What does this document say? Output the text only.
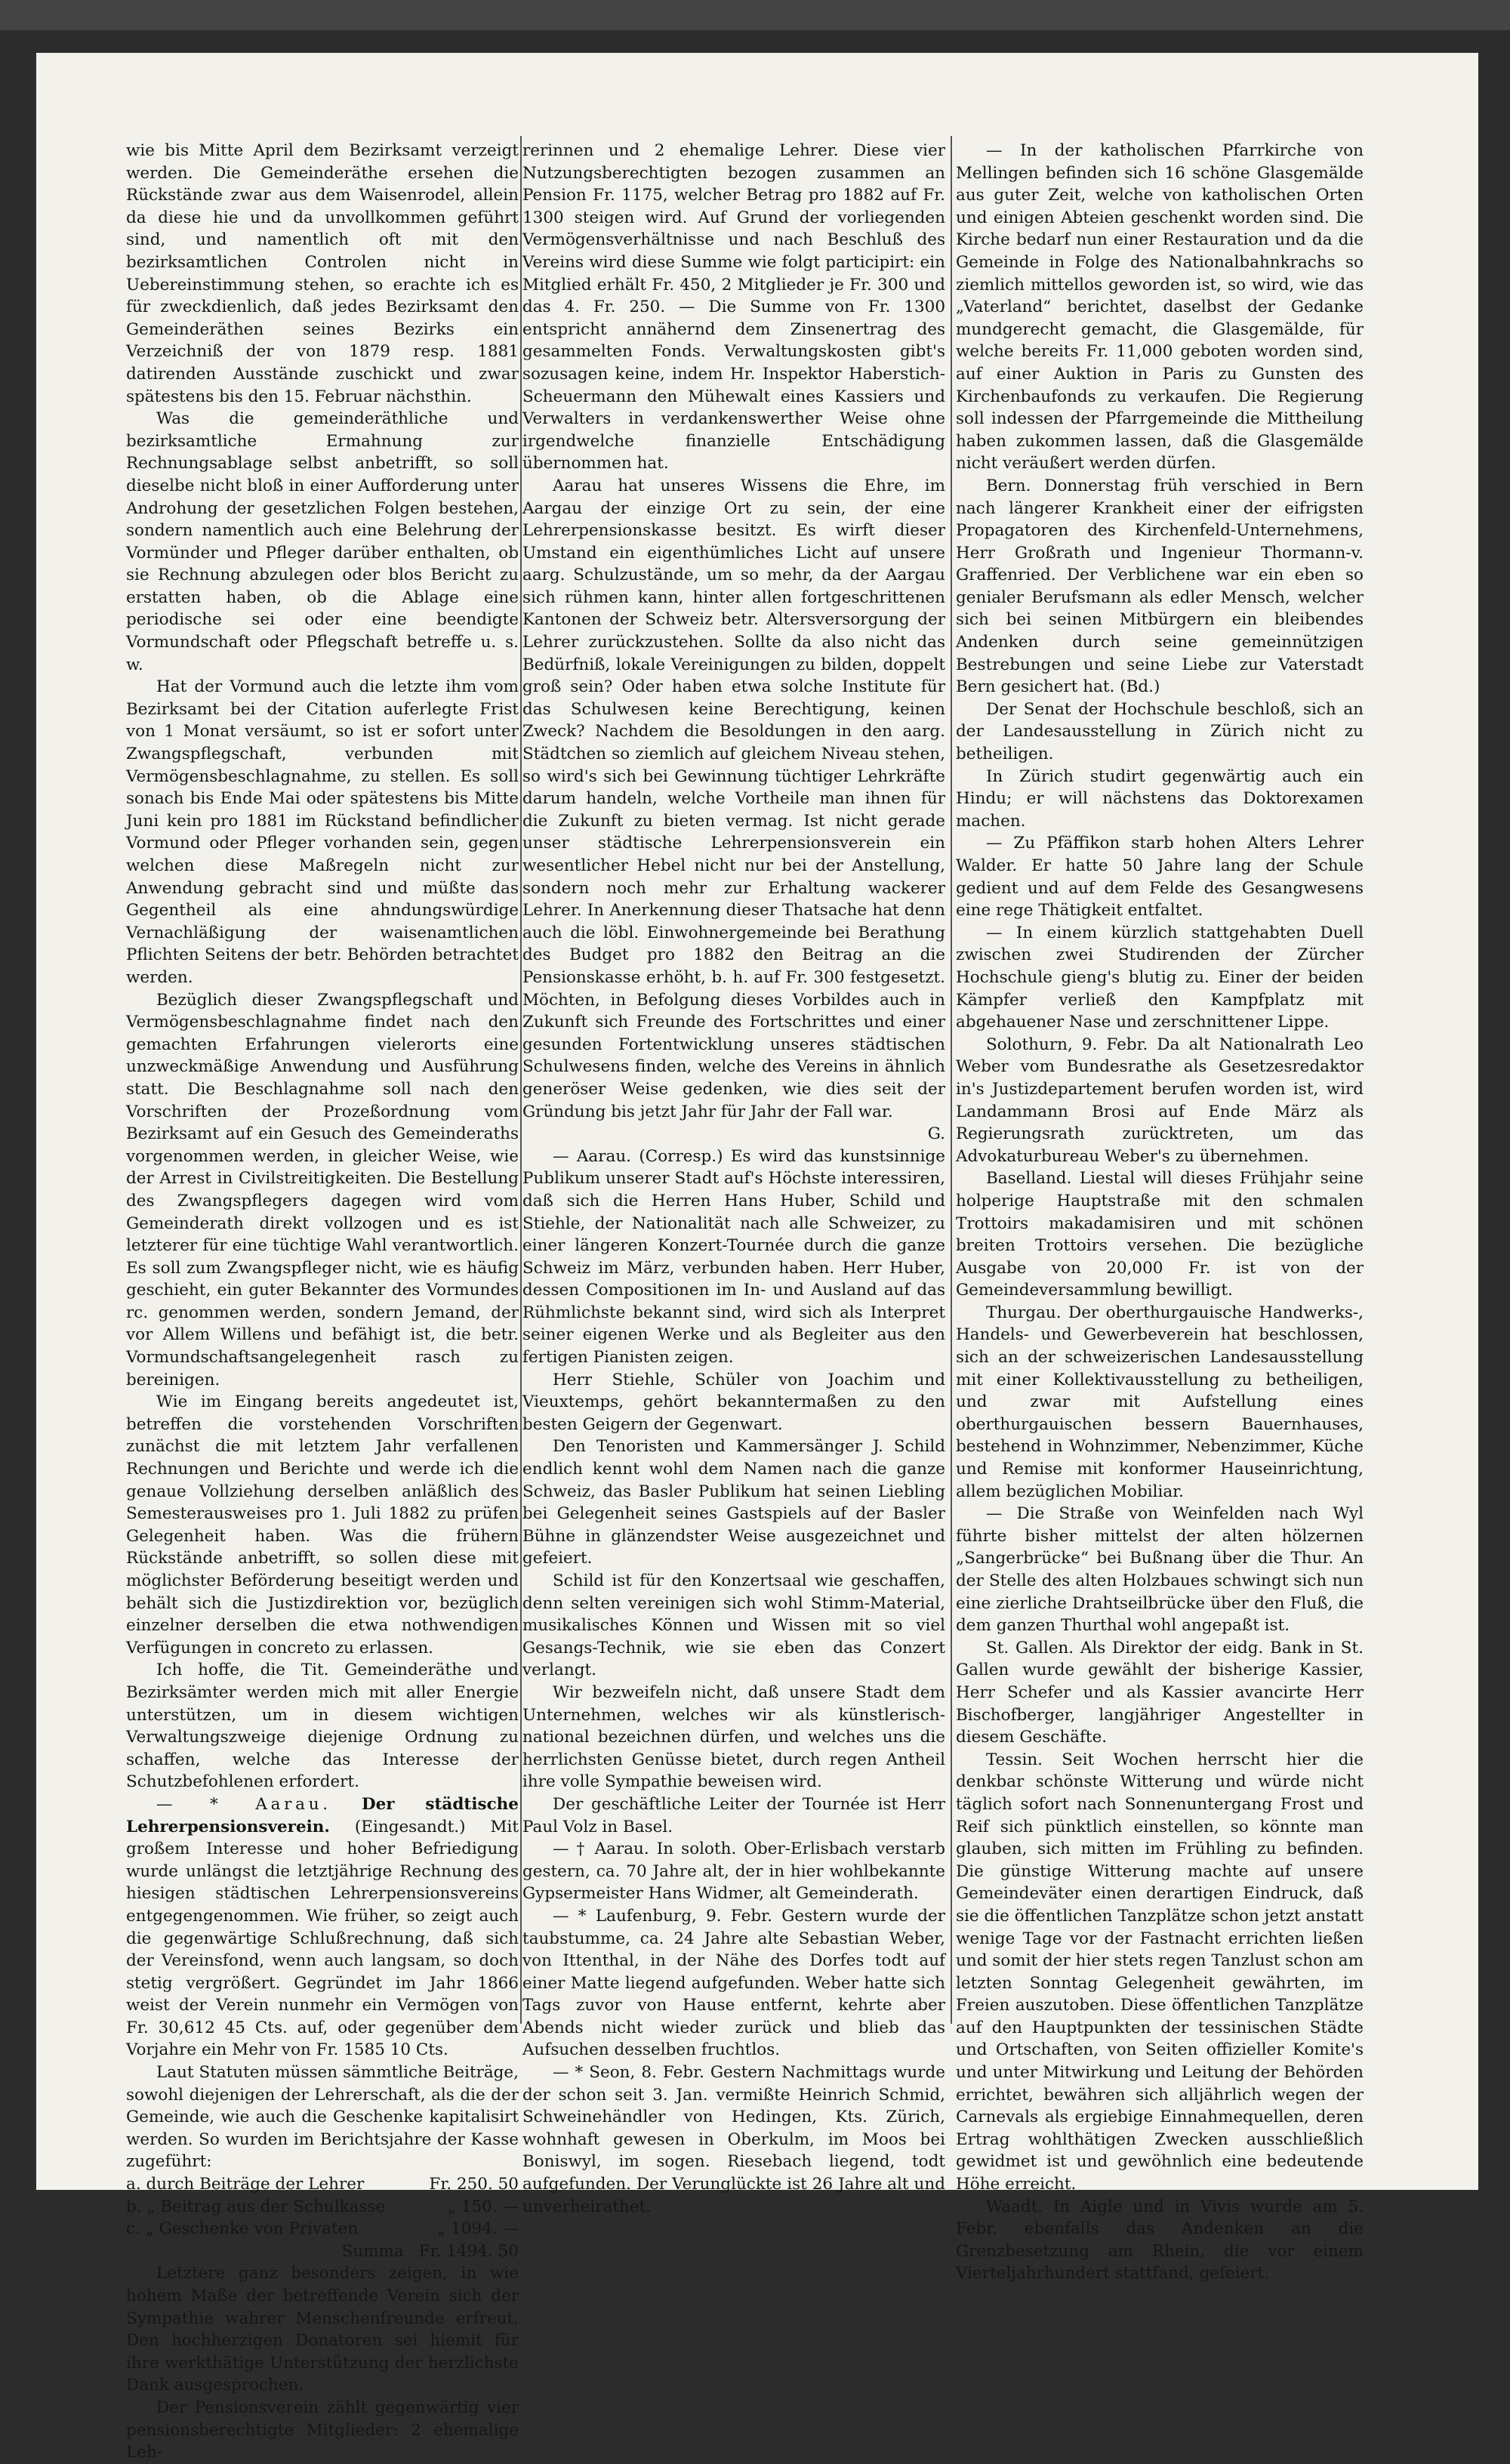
wie bis Mitte April dem Bezirksamt verzeigt werden. Die Gemeinderäthe ersehen die Rückstände zwar aus dem Waisenrodel, allein da diese hie und da unvollkommen geführt sind, und namentlich oft mit den bezirksamtlichen Controlen nicht in Uebereinstimmung stehen, so erachte ich es für zweckdienlich, daß jedes Bezirksamt den Gemeinderäthen seines Bezirks ein Verzeichniß der von 1879 resp. 1881 datirenden Ausstände zuschickt und zwar spätestens bis den 15. Februar nächsthin.

Was die gemeinderäthliche und bezirksamtliche Ermahnung zur Rechnungsablage selbst anbetrifft, so soll dieselbe nicht bloß in einer Aufforderung unter Androhung der gesetzlichen Folgen bestehen, sondern namentlich auch eine Belehrung der Vormünder und Pfleger darüber enthalten, ob sie Rechnung abzulegen oder blos Bericht zu erstatten haben, ob die Ablage eine periodische sei oder eine beendigte Vormundschaft oder Pflegschaft betreffe u. s. w.

Hat der Vormund auch die letzte ihm vom Bezirksamt bei der Citation auferlegte Frist von 1 Monat versäumt, so ist er sofort unter Zwangspflegschaft, verbunden mit Vermögensbeschlagnahme, zu stellen. Es soll sonach bis Ende Mai oder spätestens bis Mitte Juni kein pro 1881 im Rückstand befindlicher Vormund oder Pfleger vorhanden sein, gegen welchen diese Maßregeln nicht zur Anwendung gebracht sind und müßte das Gegentheil als eine ahndungswürdige Vernachläßigung der waisenamtlichen Pflichten Seitens der betr. Behörden betrachtet werden.

Bezüglich dieser Zwangspflegschaft und Vermögensbeschlagnahme findet nach den gemachten Erfahrungen vielerorts eine unzweckmäßige Anwendung und Ausführung statt. Die Beschlagnahme soll nach den Vorschriften der Prozeßordnung vom Bezirksamt auf ein Gesuch des Gemeinderaths vorgenommen werden, in gleicher Weise, wie der Arrest in Civilstreitigkeiten. Die Bestellung des Zwangspflegers dagegen wird vom Gemeinderath direkt vollzogen und es ist letzterer für eine tüchtige Wahl verantwortlich. Es soll zum Zwangspfleger nicht, wie es häufig geschieht, ein guter Bekannter des Vormundes rc. genommen werden, sondern Jemand, der vor Allem Willens und befähigt ist, die betr. Vormundschaftsangelegenheit rasch zu bereinigen.

Wie im Eingang bereits angedeutet ist, betreffen die vorstehenden Vorschriften zunächst die mit letztem Jahr verfallenen Rechnungen und Berichte und werde ich die genaue Vollziehung derselben anläßlich des Semesterausweises pro 1. Juli 1882 zu prüfen Gelegenheit haben. Was die frühern Rückstände anbetrifft, so sollen diese mit möglichster Beförderung beseitigt werden und behält sich die Justizdirektion vor, bezüglich einzelner derselben die etwa nothwendigen Verfügungen in concreto zu erlassen.

Ich hoffe, die Tit. Gemeinderäthe und Bezirksämter werden mich mit aller Energie unterstützen, um in diesem wichtigen Verwaltungszweige diejenige Ordnung zu schaffen, welche das Interesse der Schutzbefohlenen erfordert.

— * Aarau. Der städtische Lehrerpensionsverein. (Eingesandt.) Mit großem Interesse und hoher Befriedigung wurde unlängst die letztjährige Rechnung des hiesigen städtischen Lehrerpensionsvereins entgegengenommen. Wie früher, so zeigt auch die gegenwärtige Schlußrechnung, daß sich der Vereinsfond, wenn auch langsam, so doch stetig vergrößert. Gegründet im Jahr 1866 weist der Verein nunmehr ein Vermögen von Fr. 30,612 45 Cts. auf, oder gegenüber dem Vorjahre ein Mehr von Fr. 1585 10 Cts.

Laut Statuten müssen sämmtliche Beiträge, sowohl diejenigen der Lehrerschaft, als die der Gemeinde, wie auch die Geschenke kapitalisirt werden. So wurden im Berichtsjahre der Kasse zugeführt:

a. durch Beiträge der Lehrer	Fr. 250. 50
b. „ Beitrag aus der Schulkasse	„ 150. —
c. „ Geschenke von Privaten	„ 1094. —
Summa Fr. 1494. 50

Letztere ganz besonders zeigen, in wie hohem Maße der betreffende Verein sich der Sympathie wahrer Menschenfreunde erfreut. Den hochherzigen Donatoren sei hiemit für ihre werkthätige Unterstützung der herzlichste Dank ausgesprochen.

Der Pensionsverein zählt gegenwärtig vier pensionsberechtigte Mitglieder: 2 ehemalige Leh-

rerinnen und 2 ehemalige Lehrer. Diese vier Nutzungsberechtigten bezogen zusammen an Pension Fr. 1175, welcher Betrag pro 1882 auf Fr. 1300 steigen wird. Auf Grund der vorliegenden Vermögensverhältnisse und nach Beschluß des Vereins wird diese Summe wie folgt participirt: ein Mitglied erhält Fr. 450, 2 Mitglieder je Fr. 300 und das 4. Fr. 250. — Die Summe von Fr. 1300 entspricht annähernd dem Zinsenertrag des gesammelten Fonds. Verwaltungskosten gibt's sozusagen keine, indem Hr. Inspektor Haberstich-Scheuermann den Mühewalt eines Kassiers und Verwalters in verdankenswerther Weise ohne irgendwelche finanzielle Entschädigung übernommen hat.

Aarau hat unseres Wissens die Ehre, im Aargau der einzige Ort zu sein, der eine Lehrerpensionskasse besitzt. Es wirft dieser Umstand ein eigenthümliches Licht auf unsere aarg. Schulzustände, um so mehr, da der Aargau sich rühmen kann, hinter allen fortgeschrittenen Kantonen der Schweiz betr. Altersversorgung der Lehrer zurückzustehen. Sollte da also nicht das Bedürfniß, lokale Vereinigungen zu bilden, doppelt groß sein? Oder haben etwa solche Institute für das Schulwesen keine Berechtigung, keinen Zweck? Nachdem die Besoldungen in den aarg. Städtchen so ziemlich auf gleichem Niveau stehen, so wird's sich bei Gewinnung tüchtiger Lehrkräfte darum handeln, welche Vortheile man ihnen für die Zukunft zu bieten vermag. Ist nicht gerade unser städtische Lehrerpensionsverein ein wesentlicher Hebel nicht nur bei der Anstellung, sondern noch mehr zur Erhaltung wackerer Lehrer. In Anerkennung dieser Thatsache hat denn auch die löbl. Einwohnergemeinde bei Berathung des Budget pro 1882 den Beitrag an die Pensionskasse erhöht, b. h. auf Fr. 300 festgesetzt. Möchten, in Befolgung dieses Vorbildes auch in Zukunft sich Freunde des Fortschrittes und einer gesunden Fortentwicklung unseres städtischen Schulwesens finden, welche des Vereins in ähnlich generöser Weise gedenken, wie dies seit der Gründung bis jetzt Jahr für Jahr der Fall war.

G.

— Aarau. (Corresp.) Es wird das kunstsinnige Publikum unserer Stadt auf's Höchste interessiren, daß sich die Herren Hans Huber, Schild und Stiehle, der Nationalität nach alle Schweizer, zu einer längeren Konzert-Tournée durch die ganze Schweiz im März, verbunden haben. Herr Huber, dessen Compositionen im In- und Ausland auf das Rühmlichste bekannt sind, wird sich als Interpret seiner eigenen Werke und als Begleiter aus den fertigen Pianisten zeigen.

Herr Stiehle, Schüler von Joachim und Vieuxtemps, gehört bekanntermaßen zu den besten Geigern der Gegenwart.

Den Tenoristen und Kammersänger J. Schild endlich kennt wohl dem Namen nach die ganze Schweiz, das Basler Publikum hat seinen Liebling bei Gelegenheit seines Gastspiels auf der Basler Bühne in glänzendster Weise ausgezeichnet und gefeiert.

Schild ist für den Konzertsaal wie geschaffen, denn selten vereinigen sich wohl Stimm-Material, musikalisches Können und Wissen mit so viel Gesangs-Technik, wie sie eben das Conzert verlangt.

Wir bezweifeln nicht, daß unsere Stadt dem Unternehmen, welches wir als künstlerisch-national bezeichnen dürfen, und welches uns die herrlichsten Genüsse bietet, durch regen Antheil ihre volle Sympathie beweisen wird.

Der geschäftliche Leiter der Tournée ist Herr Paul Volz in Basel.

— † Aarau. In soloth. Ober-Erlisbach verstarb gestern, ca. 70 Jahre alt, der in hier wohlbekannte Gypsermeister Hans Widmer, alt Gemeinderath.

— * Laufenburg, 9. Febr. Gestern wurde der taubstumme, ca. 24 Jahre alte Sebastian Weber, von Ittenthal, in der Nähe des Dorfes todt auf einer Matte liegend aufgefunden. Weber hatte sich Tags zuvor von Hause entfernt, kehrte aber Abends nicht wieder zurück und blieb das Aufsuchen desselben fruchtlos.

— * Seon, 8. Febr. Gestern Nachmittags wurde der schon seit 3. Jan. vermißte Heinrich Schmid, Schweinehändler von Hedingen, Kts. Zürich, wohnhaft gewesen in Oberkulm, im Moos bei Boniswyl, im sogen. Riesebach liegend, todt aufgefunden. Der Verunglückte ist 26 Jahre alt und unverheirathet.

— In der katholischen Pfarrkirche von Mellingen befinden sich 16 schöne Glasgemälde aus guter Zeit, welche von katholischen Orten und einigen Abteien geschenkt worden sind. Die Kirche bedarf nun einer Restauration und da die Gemeinde in Folge des Nationalbahnkrachs so ziemlich mittellos geworden ist, so wird, wie das „Vaterland“ berichtet, daselbst der Gedanke mundgerecht gemacht, die Glasgemälde, für welche bereits Fr. 11,000 geboten worden sind, auf einer Auktion in Paris zu Gunsten des Kirchenbaufonds zu verkaufen. Die Regierung soll indessen der Pfarrgemeinde die Mittheilung haben zukommen lassen, daß die Glasgemälde nicht veräußert werden dürfen.

Bern. Donnerstag früh verschied in Bern nach längerer Krankheit einer der eifrigsten Propagatoren des Kirchenfeld-Unternehmens, Herr Großrath und Ingenieur Thormann-v. Graffenried. Der Verblichene war ein eben so genialer Berufsmann als edler Mensch, welcher sich bei seinen Mitbürgern ein bleibendes Andenken durch seine gemeinnützigen Bestrebungen und seine Liebe zur Vaterstadt Bern gesichert hat. (Bd.)

Der Senat der Hochschule beschloß, sich an der Landesausstellung in Zürich nicht zu betheiligen.

In Zürich studirt gegenwärtig auch ein Hindu; er will nächstens das Doktorexamen machen.

— Zu Pfäffikon starb hohen Alters Lehrer Walder. Er hatte 50 Jahre lang der Schule gedient und auf dem Felde des Gesangwesens eine rege Thätigkeit entfaltet.

— In einem kürzlich stattgehabten Duell zwischen zwei Studirenden der Zürcher Hochschule gieng's blutig zu. Einer der beiden Kämpfer verließ den Kampfplatz mit abgehauener Nase und zerschnittener Lippe.

Solothurn, 9. Febr. Da alt Nationalrath Leo Weber vom Bundesrathe als Gesetzesredaktor in's Justizdepartement berufen worden ist, wird Landammann Brosi auf Ende März als Regierungsrath zurücktreten, um das Advokaturbureau Weber's zu übernehmen.

Baselland. Liestal will dieses Frühjahr seine holperige Hauptstraße mit den schmalen Trottoirs makadamisiren und mit schönen breiten Trottoirs versehen. Die bezügliche Ausgabe von 20,000 Fr. ist von der Gemeindeversammlung bewilligt.

Thurgau. Der oberthurgauische Handwerks-, Handels- und Gewerbeverein hat beschlossen, sich an der schweizerischen Landesausstellung mit einer Kollektivausstellung zu betheiligen, und zwar mit Aufstellung eines oberthurgauischen bessern Bauernhauses, bestehend in Wohnzimmer, Nebenzimmer, Küche und Remise mit konformer Hauseinrichtung, allem bezüglichen Mobiliar.

— Die Straße von Weinfelden nach Wyl führte bisher mittelst der alten hölzernen „Sangerbrücke“ bei Bußnang über die Thur. An der Stelle des alten Holzbaues schwingt sich nun eine zierliche Drahtseilbrücke über den Fluß, die dem ganzen Thurthal wohl angepaßt ist.

St. Gallen. Als Direktor der eidg. Bank in St. Gallen wurde gewählt der bisherige Kassier, Herr Schefer und als Kassier avancirte Herr Bischofberger, langjähriger Angestellter in diesem Geschäfte.

Tessin. Seit Wochen herrscht hier die denkbar schönste Witterung und würde nicht täglich sofort nach Sonnenuntergang Frost und Reif sich pünktlich einstellen, so könnte man glauben, sich mitten im Frühling zu befinden. Die günstige Witterung machte auf unsere Gemeindeväter einen derartigen Eindruck, daß sie die öffentlichen Tanzplätze schon jetzt anstatt wenige Tage vor der Fastnacht errichten ließen und somit der hier stets regen Tanzlust schon am letzten Sonntag Gelegenheit gewährten, im Freien auszutoben. Diese öffentlichen Tanzplätze auf den Hauptpunkten der tessinischen Städte und Ortschaften, von Seiten offizieller Komite's und unter Mitwirkung und Leitung der Behörden errichtet, bewähren sich alljährlich wegen der Carnevals als ergiebige Einnahmequellen, deren Ertrag wohlthätigen Zwecken ausschließlich gewidmet ist und gewöhnlich eine bedeutende Höhe erreicht.

Waadt. In Aigle und in Vivis wurde am 5. Febr. ebenfalls das Andenken an die Grenzbesetzung am Rhein, die vor einem Vierteljahrhundert stattfand, gefeiert.
